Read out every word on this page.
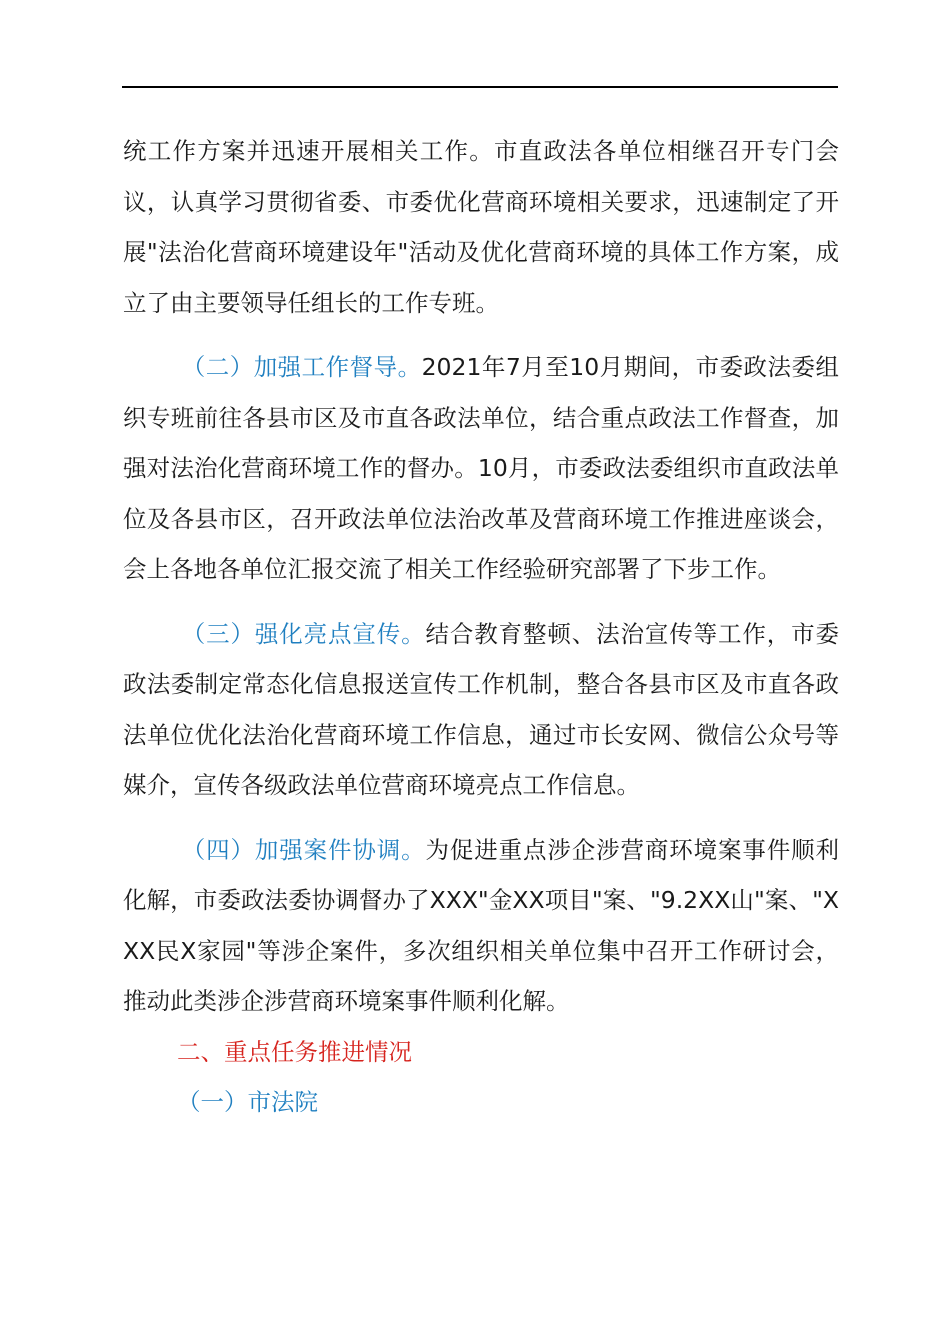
统工作方案并迅速开展相关工作。市直政法各单位相继召开专门会议，认真学习贯彻省委、市委优化营商环境相关要求，迅速制定了开展"法治化营商环境建设年"活动及优化营商环境的具体工作方案，成立了由主要领导任组长的工作专班。

（二）加强工作督导。2021年7月至10月期间，市委政法委组织专班前往各县市区及市直各政法单位，结合重点政法工作督查，加强对法治化营商环境工作的督办。10月，市委政法委组织市直政法单位及各县市区，召开政法单位法治改革及营商环境工作推进座谈会，会上各地各单位汇报交流了相关工作经验研究部署了下步工作。

（三）强化亮点宣传。结合教育整顿、法治宣传等工作，市委政法委制定常态化信息报送宣传工作机制，整合各县市区及市直各政法单位优化法治化营商环境工作信息，通过市长安网、微信公众号等媒介，宣传各级政法单位营商环境亮点工作信息。

（四）加强案件协调。为促进重点涉企涉营商环境案事件顺利化解，市委政法委协调督办了XXX"金XX项目"案、"9.2XX山"案、"XXX民X家园"等涉企案件，多次组织相关单位集中召开工作研讨会，推动此类涉企涉营商环境案事件顺利化解。

二、重点任务推进情况

（一）市法院
